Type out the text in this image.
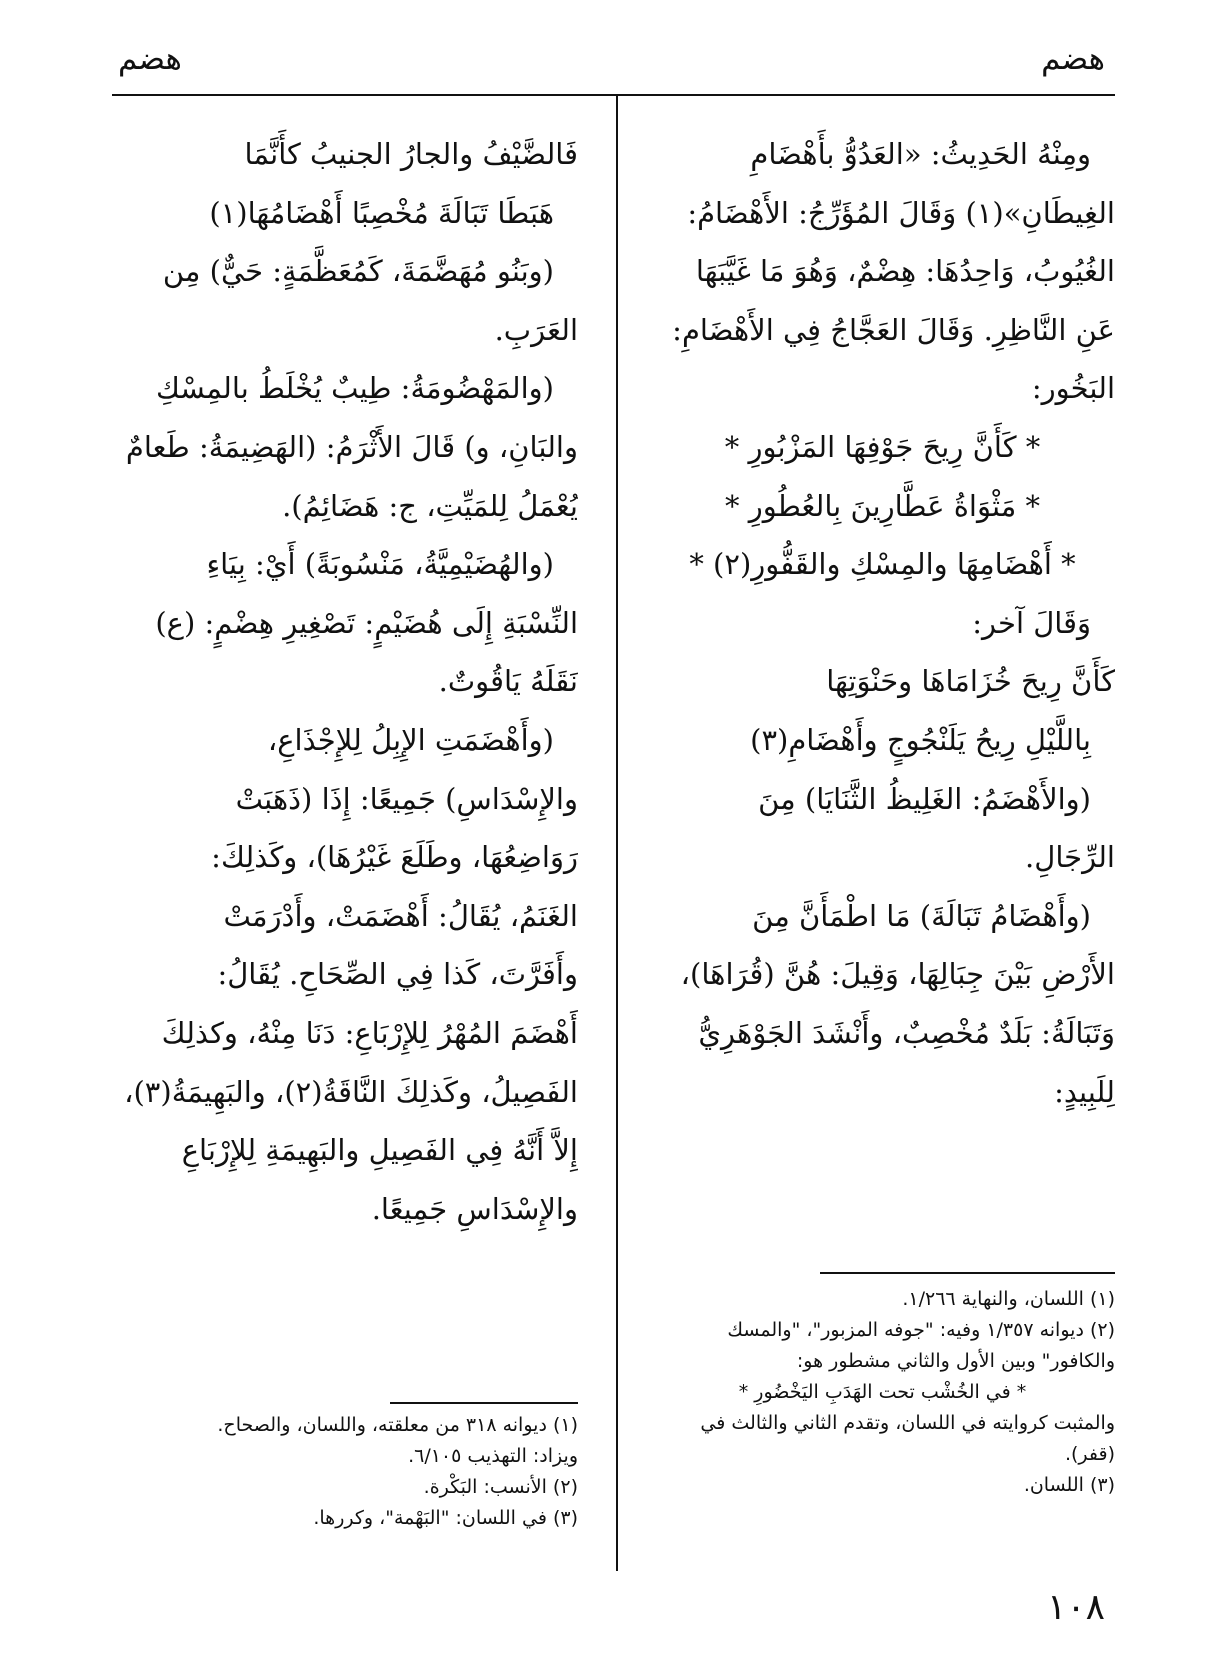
هضم
هضم
ومِنْهُ الحَدِيثُ: «العَدُوُّ بأَهْضَامِ
الغِيطَانِ»(١) وَقَالَ المُؤَرِّجُ: الأَهْضَامُ:
الغُيُوبُ، وَاحِدُهَا: هِضْمٌ، وَهُوَ مَا غَيَّبَهَا
عَنِ النَّاظِرِ. وَقَالَ العَجَّاجُ فِي الأَهْضَامِ:
البَخُور:
* كَأَنَّ رِيحَ جَوْفِهَا المَزْبُورِ *
* مَثْوَاةُ عَطَّارِينَ بِالعُطُورِ *
* أَهْضَامِهَا والمِسْكِ والقَفُّورِ(٢) *
وَقَالَ آخر:
كَأَنَّ رِيحَ خُزَامَاهَا وحَنْوَتِهَا
بِاللَّيْلِ رِيحُ يَلَنْجُوجٍ وأَهْضَامِ(٣)
(والأَهْضَمُ: الغَلِيظُ الثَّنَايَا) مِنَ
الرِّجَالِ.
(وأَهْضَامُ تَبَالَةَ) مَا اطْمَأَنَّ مِنَ
الأَرْضِ بَيْنَ جِبَالِهَا، وَقِيلَ: هُنَّ (قُرَاهَا)،
وَتَبَالَةُ: بَلَدٌ مُخْصِبٌ، وأَنْشَدَ الجَوْهَرِيُّ
لِلَبِيدٍ:
(١) اللسان، والنهاية ١/٢٦٦.
(٢) ديوانه ١/٣٥٧ وفيه: "جوفه المزبور"، "والمسك
والكافور" وبين الأول والثاني مشطور هو:
* في الخُشْب تحت الهَدَبِ اليَخْضُورِ *
والمثبت كروايته في اللسان، وتقدم الثاني والثالث في
(قفر).
(٣) اللسان.
فَالضَّيْفُ والجارُ الجنيبُ كأَنَّمَا
هَبَطَا تَبَالَةَ مُخْصِبًا أَهْضَامُهَا(١)
(وبَنُو مُهَضَّمَةَ، كَمُعَظَّمَةٍ: حَيٌّ) مِن
العَرَبِ.
(والمَهْضُومَةُ: طِيبٌ يُخْلَطُ بالمِسْكِ
والبَانِ، و) قَالَ الأَثْرَمُ: (الهَضِيمَةُ: طَعامٌ
يُعْمَلُ لِلمَيِّتِ، ج: هَضَائِمُ).
(والهُضَيْمِيَّةُ، مَنْسُوبَةً) أَيْ: بِيَاءِ
النِّسْبَةِ إِلَى هُضَيْمٍ: تَصْغِيرِ هِضْمٍ: (ع)
نَقَلَهُ يَاقُوتٌ.
(وأَهْضَمَتِ الإِبِلُ لِلإِجْذَاعِ،
والإِسْدَاسِ) جَمِيعًا: إِذَا (ذَهَبَتْ
رَوَاضِعُهَا، وطَلَعَ غَيْرُهَا)، وكَذلِكَ:
الغَنَمُ، يُقَالُ: أَهْضَمَتْ، وأَدْرَمَتْ
وأَفَرَّتَ، كَذا فِي الصِّحَاحِ. يُقَالُ:
أَهْضَمَ المُهْرُ لِلإِرْبَاعِ: دَنَا مِنْهُ، وكذلِكَ
الفَصِيلُ، وكَذلِكَ النَّاقَةُ(٢)، والبَهِيمَةُ(٣)،
إِلاَّ أَنَّهُ فِي الفَصِيلِ والبَهِيمَةِ لِلإِرْبَاعِ
والإِسْدَاسِ جَمِيعًا.
(١) ديوانه ٣١٨ من معلقته، واللسان، والصحاح.
ويزاد: التهذيب ٦/١٠٥.
(٢) الأنسب: البَكْرة.
(٣) في اللسان: "البَهْمة"، وكررها.
١٠٨
